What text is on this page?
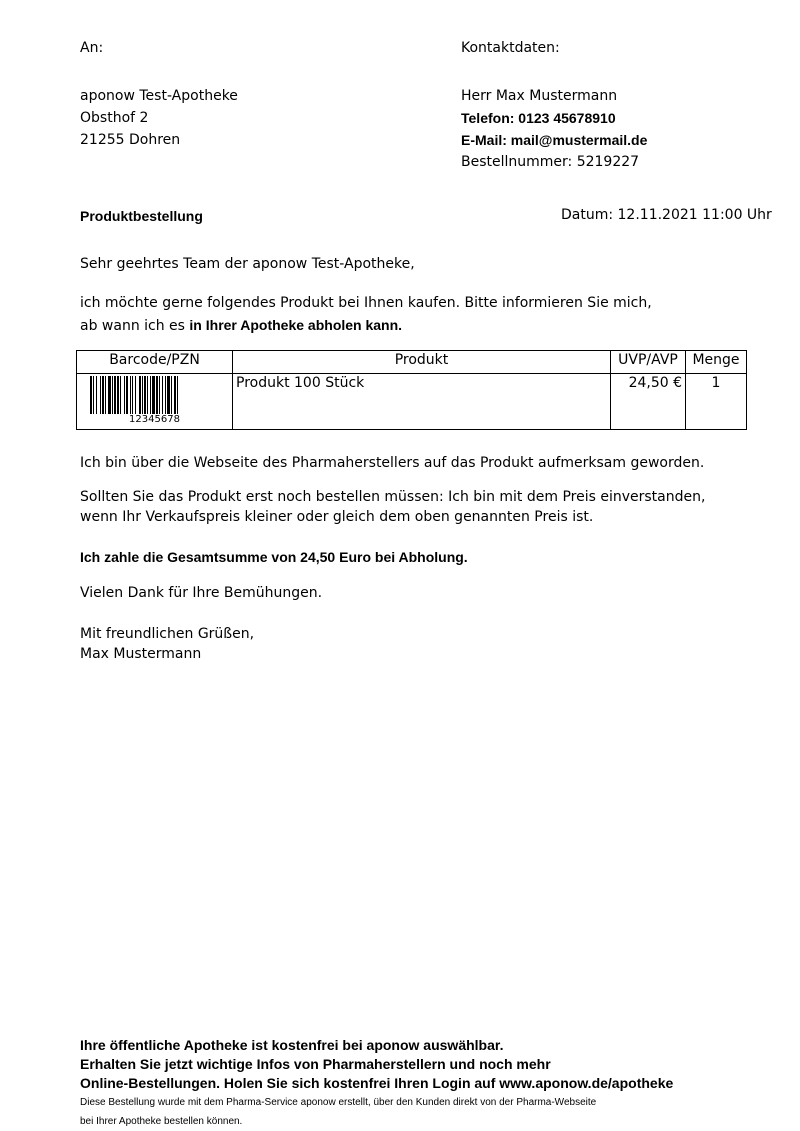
An:
aponow Test-Apotheke
Obsthof 2
21255 Dohren
Kontaktdaten:
Herr Max Mustermann
Telefon: 0123 45678910
E-Mail: mail@mustermail.de
Bestellnummer: 5219227
Produktbestellung	Datum: 12.11.2021 11:00 Uhr
Sehr geehrtes Team der aponow Test-Apotheke,
ich möchte gerne folgendes Produkt bei Ihnen kaufen. Bitte informieren Sie mich,
ab wann ich es in Ihrer Apotheke abholen kann.
Barcode/PZN	Produkt	UVP/AVP	Menge

12345678	Produkt 100 Stück	24,50 €	1
Ich bin über die Webseite des Pharmaherstellers auf das Produkt aufmerksam geworden.
Sollten Sie das Produkt erst noch bestellen müssen: Ich bin mit dem Preis einverstanden,
wenn Ihr Verkaufspreis kleiner oder gleich dem oben genannten Preis ist.
Ich zahle die Gesamtsumme von 24,50 Euro bei Abholung.
Vielen Dank für Ihre Bemühungen.
Mit freundlichen Grüßen,
Max Mustermann
Ihre öffentliche Apotheke ist kostenfrei bei aponow auswählbar.
Erhalten Sie jetzt wichtige Infos von Pharmaherstellern und noch mehr
Online-Bestellungen. Holen Sie sich kostenfrei Ihren Login auf www.aponow.de/apotheke
Diese Bestellung wurde mit dem Pharma-Service aponow erstellt, über den Kunden direkt von der Pharma-Webseite
bei Ihrer Apotheke bestellen können.
